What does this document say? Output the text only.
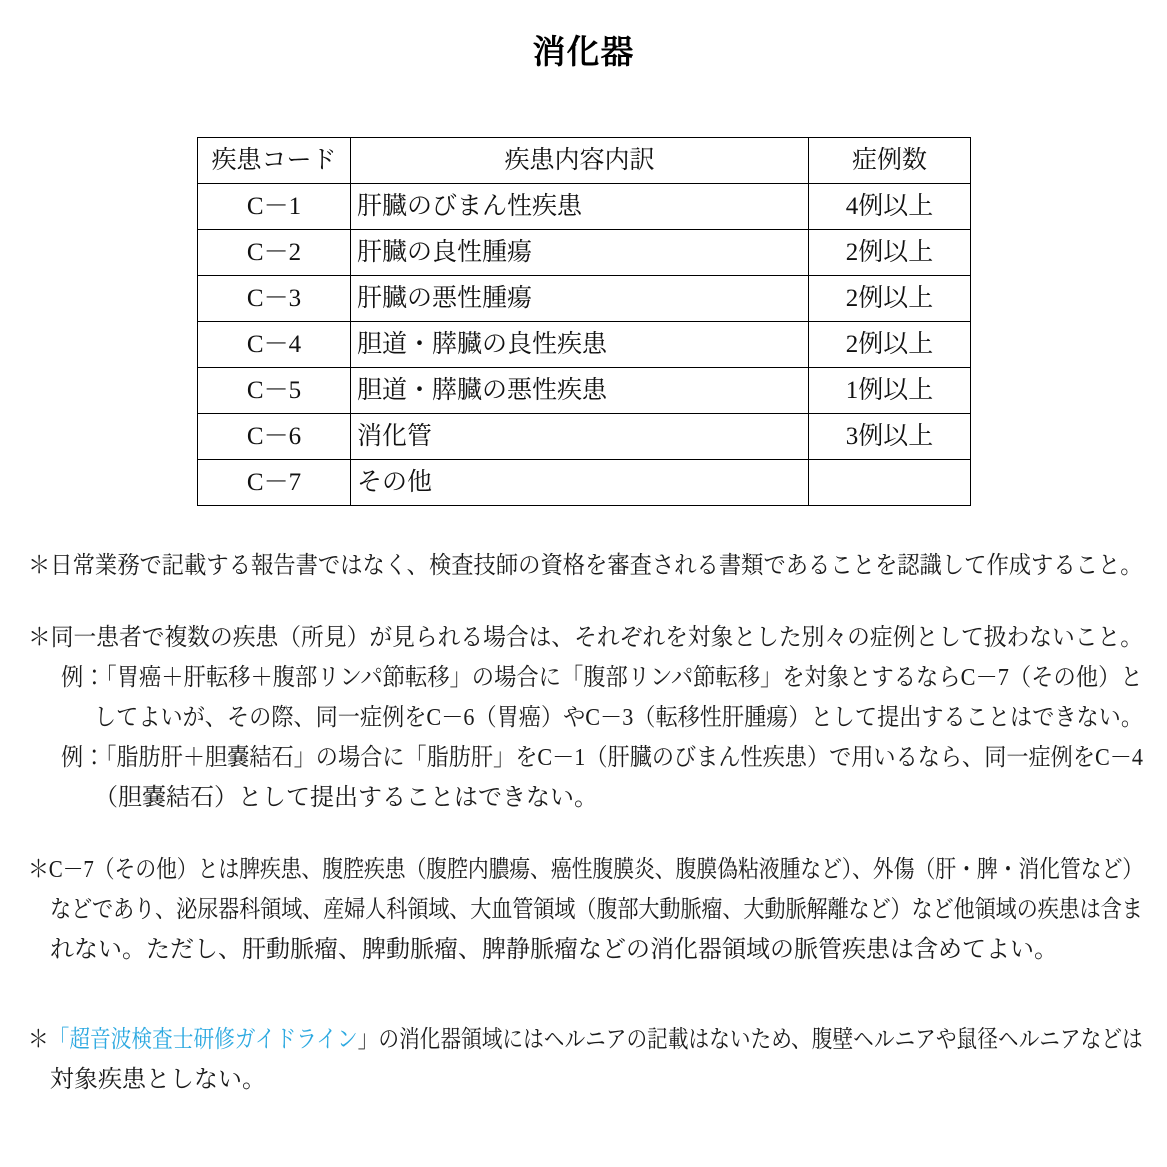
消化器
疾患コード	疾患内容内訳	症例数
C－1	肝臓のびまん性疾患	4例以上
C－2	肝臓の良性腫瘍	2例以上
C－3	肝臓の悪性腫瘍	2例以上
C－4	胆道・膵臓の良性疾患	2例以上
C－5	胆道・膵臓の悪性疾患	1例以上
C－6	消化管	3例以上
C－7	その他	
＊日常業務で記載する報告書ではなく、検査技師の資格を審査される書類であることを認識して作成すること。
＊同一患者で複数の疾患（所見）が見られる場合は、それぞれを対象とした別々の症例として扱わないこと。
例：「胃癌＋肝転移＋腹部リンパ節転移」の場合に「腹部リンパ節転移」を対象とするならC－7（その他）と
してよいが、その際、同一症例をC－6（胃癌）やC－3（転移性肝腫瘍）として提出することはできない。
例：「脂肪肝＋胆嚢結石」の場合に「脂肪肝」をC－1（肝臓のびまん性疾患）で用いるなら、同一症例をC－4
（胆嚢結石）として提出することはできない。
＊C－7（その他）とは脾疾患、腹腔疾患（腹腔内膿瘍、癌性腹膜炎、腹膜偽粘液腫など）、外傷（肝・脾・消化管など）
などであり、泌尿器科領域、産婦人科領域、大血管領域（腹部大動脈瘤、大動脈解離など）など他領域の疾患は含ま
れない。ただし、肝動脈瘤、脾動脈瘤、脾静脈瘤などの消化器領域の脈管疾患は含めてよい。
＊「超音波検査士研修ガイドライン」の消化器領域にはヘルニアの記載はないため、腹壁ヘルニアや鼠径ヘルニアなどは
対象疾患としない。
